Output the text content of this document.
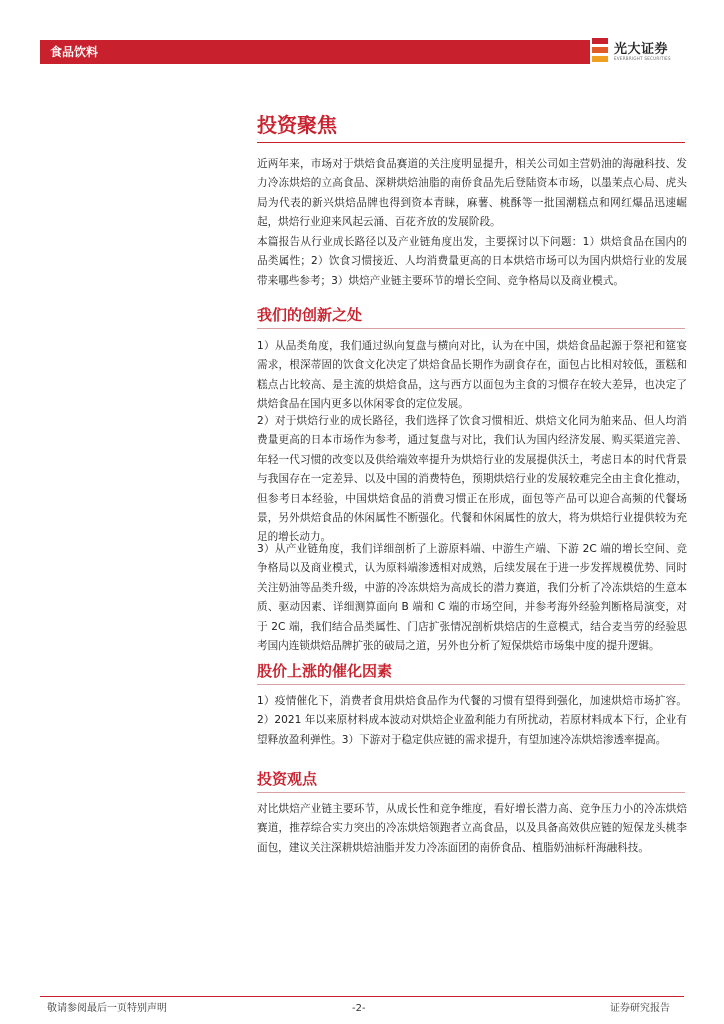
食品饮料	光大证券
EVERBRIGHT SECURITIES
投资聚焦

近两年来，市场对于烘焙食品赛道的关注度明显提升，相关公司如主营奶油的海融科技、发力冷冻烘焙的立高食品、深耕烘焙油脂的南侨食品先后登陆资本市场，以墨茉点心局、虎头局为代表的新兴烘焙品牌也得到资本青睐，麻薯、桃酥等一批国潮糕点和网红爆品迅速崛起，烘焙行业迎来风起云涌、百花齐放的发展阶段。

本篇报告从行业成长路径以及产业链角度出发，主要探讨以下问题：1）烘焙食品在国内的品类属性；2）饮食习惯接近、人均消费量更高的日本烘焙市场可以为国内烘焙行业的发展带来哪些参考；3）烘焙产业链主要环节的增长空间、竞争格局以及商业模式。

我们的创新之处

1）从品类角度，我们通过纵向复盘与横向对比，认为在中国，烘焙食品起源于祭祀和筵宴需求，根深蒂固的饮食文化决定了烘焙食品长期作为副食存在，面包占比相对较低，蛋糕和糕点占比较高、是主流的烘焙食品，这与西方以面包为主食的习惯存在较大差异，也决定了烘焙食品在国内更多以休闲零食的定位发展。

2）对于烘焙行业的成长路径，我们选择了饮食习惯相近、烘焙文化同为舶来品、但人均消费量更高的日本市场作为参考，通过复盘与对比，我们认为国内经济发展、购买渠道完善、年轻一代习惯的改变以及供给端效率提升为烘焙行业的发展提供沃土，考虑日本的时代背景与我国存在一定差异、以及中国的消费特色，预期烘焙行业的发展较难完全由主食化推动，但参考日本经验，中国烘焙食品的消费习惯正在形成，面包等产品可以迎合高频的代餐场景，另外烘焙食品的休闲属性不断强化。代餐和休闲属性的放大，将为烘焙行业提供较为充足的增长动力。

3）从产业链角度，我们详细剖析了上游原料端、中游生产端、下游 2C 端的增长空间、竞争格局以及商业模式，认为原料端渗透相对成熟，后续发展在于进一步发挥规模优势、同时关注奶油等品类升级，中游的冷冻烘焙为高成长的潜力赛道，我们分析了冷冻烘焙的生意本质、驱动因素、详细测算面向 B 端和 C 端的市场空间，并参考海外经验判断格局演变，对于 2C 端，我们结合品类属性、门店扩张情况剖析烘焙店的生意模式，结合麦当劳的经验思考国内连锁烘焙品牌扩张的破局之道，另外也分析了短保烘焙市场集中度的提升逻辑。

股价上涨的催化因素

1）疫情催化下，消费者食用烘焙食品作为代餐的习惯有望得到强化，加速烘焙市场扩容。2）2021 年以来原材料成本波动对烘焙企业盈利能力有所扰动，若原材料成本下行，企业有望释放盈利弹性。3）下游对于稳定供应链的需求提升，有望加速冷冻烘焙渗透率提高。

投资观点

对比烘焙产业链主要环节，从成长性和竞争维度，看好增长潜力高、竞争压力小的冷冻烘焙赛道，推荐综合实力突出的冷冻烘焙领跑者立高食品，以及具备高效供应链的短保龙头桃李面包，建议关注深耕烘焙油脂并发力冷冻面团的南侨食品、植脂奶油标杆海融科技。

敬请参阅最后一页特别声明	-2-	证券研究报告
